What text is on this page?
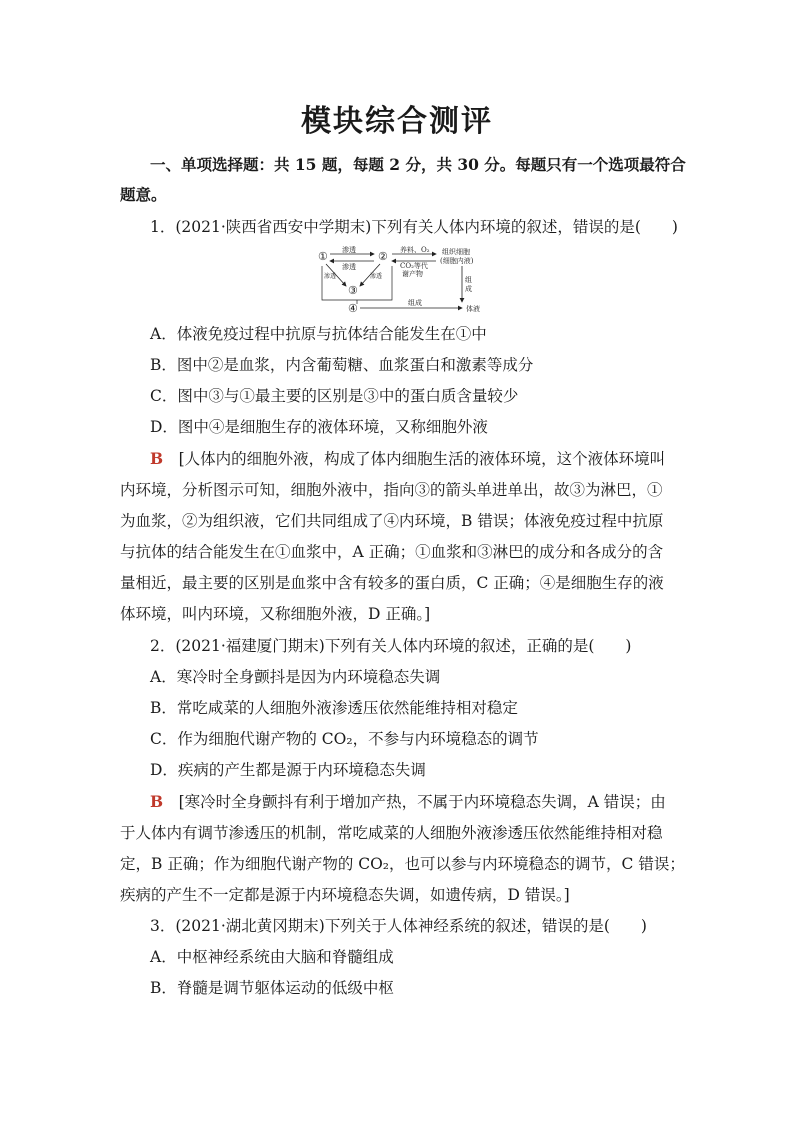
模块综合测评
一、单项选择题：共 15 题，每题 2 分，共 30 分。每题只有一个选项最符合
题意。
1．(2021·陕西省西安中学期末)下列有关人体内环境的叙述，错误的是(　　)
①	②
③
④
渗透
渗透
渗透	渗透
养料、O₂
CO₂等代
谢产物
组织细胞
(细胞内液)
组
成
组成
体液
A．体液免疫过程中抗原与抗体结合能发生在①中
B．图中②是血浆，内含葡萄糖、血浆蛋白和激素等成分
C．图中③与①最主要的区别是③中的蛋白质含量较少
D．图中④是细胞生存的液体环境，又称细胞外液
B　 [人体内的细胞外液，构成了体内细胞生活的液体环境，这个液体环境叫
内环境，分析图示可知，细胞外液中，指向③的箭头单进单出，故③为淋巴，①
为血浆，②为组织液，它们共同组成了④内环境，B 错误；体液免疫过程中抗原
与抗体的结合能发生在①血浆中，A 正确；①血浆和③淋巴的成分和各成分的含
量相近，最主要的区别是血浆中含有较多的蛋白质，C 正确；④是细胞生存的液
体环境，叫内环境，又称细胞外液，D 正确。]
2．(2021·福建厦门期末)下列有关人体内环境的叙述，正确的是(　　)
A．寒冷时全身颤抖是因为内环境稳态失调
B．常吃咸菜的人细胞外液渗透压依然能维持相对稳定
C．作为细胞代谢产物的 CO₂，不参与内环境稳态的调节
D．疾病的产生都是源于内环境稳态失调
B　 [寒冷时全身颤抖有利于增加产热，不属于内环境稳态失调，A 错误；由
于人体内有调节渗透压的机制，常吃咸菜的人细胞外液渗透压依然能维持相对稳
定，B 正确；作为细胞代谢产物的 CO₂，也可以参与内环境稳态的调节，C 错误；
疾病的产生不一定都是源于内环境稳态失调，如遗传病，D 错误。]
3．(2021·湖北黄冈期末)下列关于人体神经系统的叙述，错误的是(　　)
A．中枢神经系统由大脑和脊髓组成
B．脊髓是调节躯体运动的低级中枢
